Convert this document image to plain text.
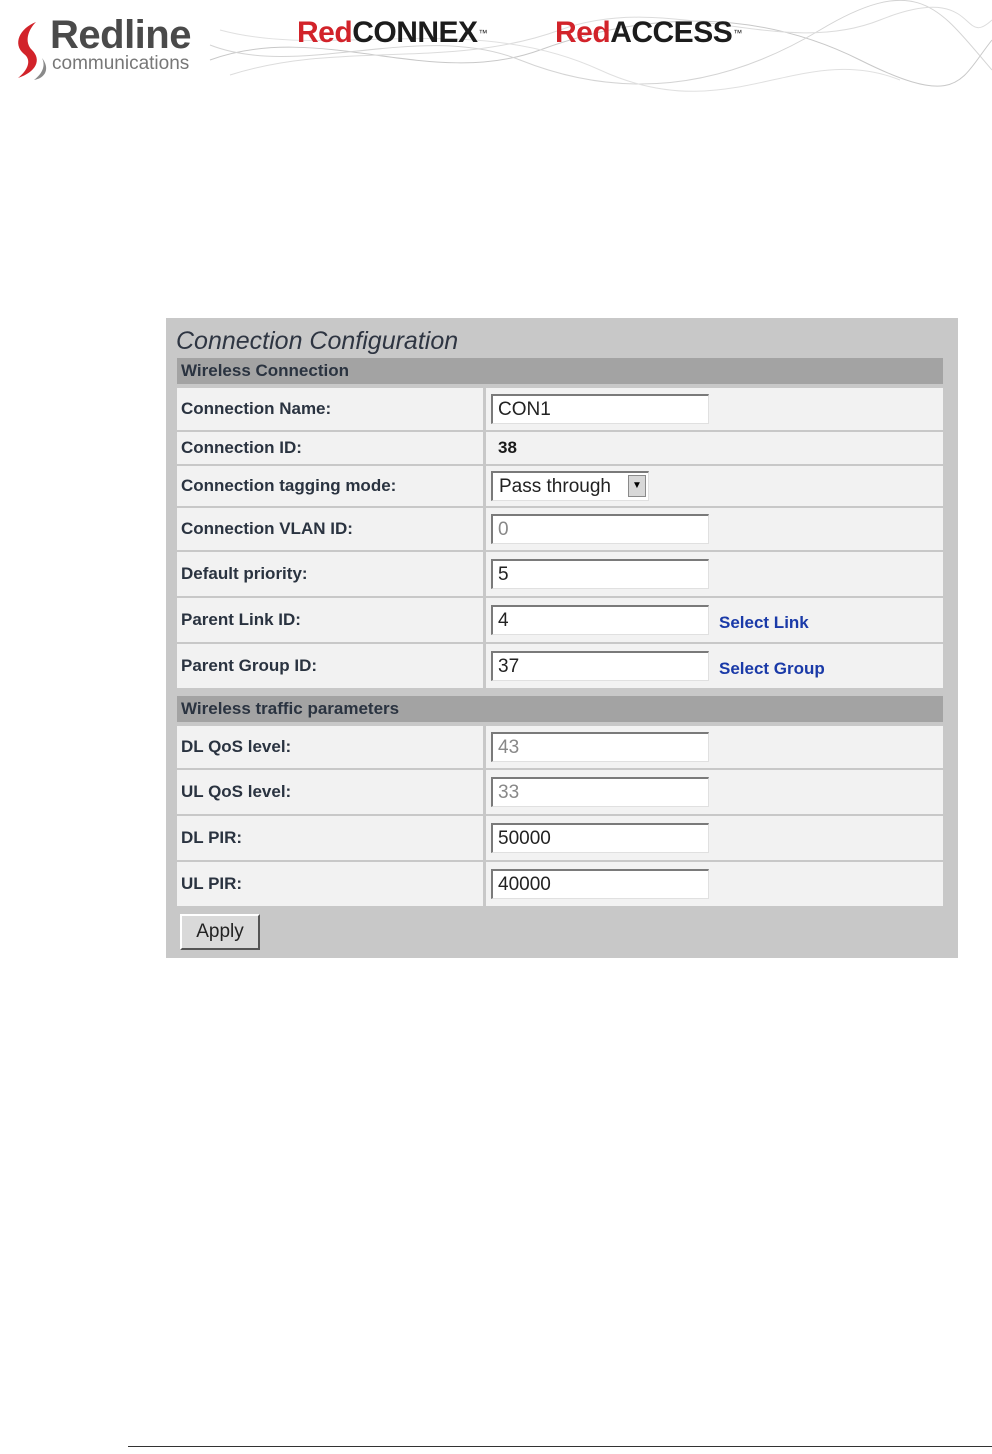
Redline
communications
RedCONNEX™ RedACCESS™
Connection Configuration
Wireless Connection
Connection Name:
CON1
Connection ID:	38
Connection tagging mode:	Pass through	▼
Connection VLAN ID:
0
Default priority:
5
Parent Link ID:
4	Select Link
Parent Group ID:
37	Select Group
Wireless traffic parameters
DL QoS level:
43
UL QoS level:
33
DL PIR:
50000
UL PIR:
40000
Apply
